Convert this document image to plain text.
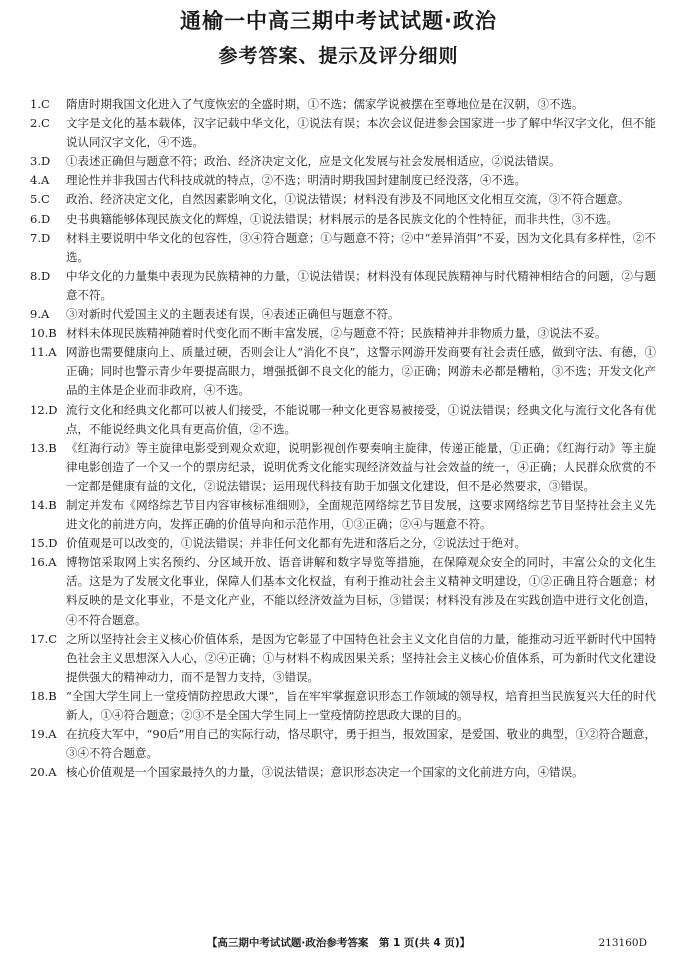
通榆一中高三期中考试试题·政治
参考答案、提示及评分细则
1.C	隋唐时期我国文化进入了气度恢宏的全盛时期，①不选；儒家学说被摆在至尊地位是在汉朝，③不选。
2.C	文字是文化的基本载体，汉字记载中华文化，①说法有误；本次会议促进参会国家进一步了解中华汉字文化，但不能说认同汉字文化，④不选。
3.D	①表述正确但与题意不符；政治、经济决定文化，应是文化发展与社会发展相适应，②说法错误。
4.A	理论性并非我国古代科技成就的特点，②不选；明清时期我国封建制度已经没落，④不选。
5.C	政治、经济决定文化，自然因素影响文化，①说法错误；材料没有涉及不同地区文化相互交流，③不符合题意。
6.D	史书典籍能够体现民族文化的辉煌，①说法错误；材料展示的是各民族文化的个性特征，而非共性，③不选。
7.D	材料主要说明中华文化的包容性，③④符合题意；①与题意不符；②中“差异消弭”不妥，因为文化具有多样性，②不选。
8.D	中华文化的力量集中表现为民族精神的力量，①说法错误；材料没有体现民族精神与时代精神相结合的问题，②与题意不符。
9.A	③对新时代爱国主义的主题表述有误，④表述正确但与题意不符。
10.B 材料未体现民族精神随着时代变化而不断丰富发展，②与题意不符；民族精神并非物质力量，③说法不妥。
11.A 网游也需要健康向上、质量过硬，否则会让人“消化不良”，这警示网游开发商要有社会责任感，做到守法、有德，①正确；同时也警示青少年要提高眼力，增强抵御不良文化的能力，②正确；网游未必都是糟粕，③不选；开发文化产品的主体是企业而非政府，④不选。
12.D 流行文化和经典文化都可以被人们接受，不能说哪一种文化更容易被接受，①说法错误；经典文化与流行文化各有优点，不能说经典文化具有更高价值，②不选。
13.B 《红海行动》等主旋律电影受到观众欢迎，说明影视创作要奏响主旋律，传递正能量，①正确；《红海行动》等主旋律电影创造了一个又一个的票房纪录，说明优秀文化能实现经济效益与社会效益的统一，④正确；人民群众欣赏的不一定都是健康有益的文化，②说法错误；运用现代科技有助于加强文化建设，但不是必然要求，③错误。
14.B 制定并发布《网络综艺节目内容审核标准细则》，全面规范网络综艺节目发展，这要求网络综艺节目坚持社会主义先进文化的前进方向，发挥正确的价值导向和示范作用，①③正确；②④与题意不符。
15.D 价值观是可以改变的，①说法错误；并非任何文化都有先进和落后之分，②说法过于绝对。
16.A 博物馆采取网上实名预约、分区域开放、语音讲解和数字导览等措施，在保障观众安全的同时，丰富公众的文化生活。这是为了发展文化事业，保障人们基本文化权益，有利于推动社会主义精神文明建设，①②正确且符合题意；材料反映的是文化事业，不是文化产业，不能以经济效益为目标，③错误；材料没有涉及在实践创造中进行文化创造，④不符合题意。
17.C 之所以坚持社会主义核心价值体系，是因为它彰显了中国特色社会主义文化自信的力量，能推动习近平新时代中国特色社会主义思想深入人心，②④正确；①与材料不构成因果关系；坚持社会主义核心价值体系，可为新时代文化建设提供强大的精神动力，而不是智力支持，③错误。
18.B “全国大学生同上一堂疫情防控思政大课”，旨在牢牢掌握意识形态工作领域的领导权，培育担当民族复兴大任的时代新人，①④符合题意；②③不是全国大学生同上一堂疫情防控思政大课的目的。
19.A 在抗疫大军中，“90后”用自己的实际行动，恪尽职守，勇于担当，报效国家，是爱国、敬业的典型，①②符合题意，③④不符合题意。
20.A 核心价值观是一个国家最持久的力量，③说法错误；意识形态决定一个国家的文化前进方向，④错误。
【高三期中考试试题·政治参考答案　第 1 页(共 4 页)】	213160D
